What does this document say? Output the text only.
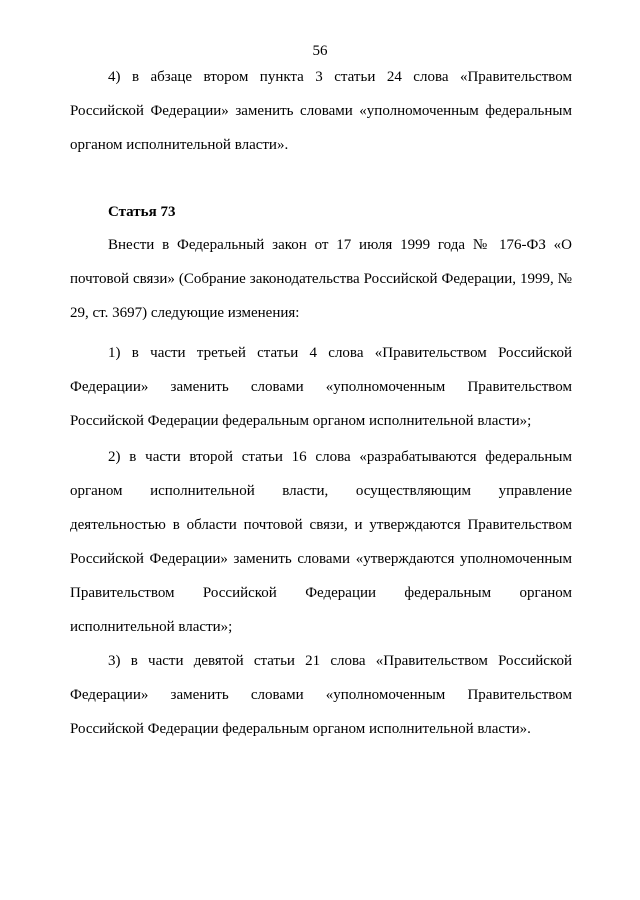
56

4) в абзаце втором пункта 3 статьи 24 слова «Правительством Российской Федерации» заменить словами «уполномоченным федеральным органом исполнительной власти».

Статья 73

Внести в Федеральный закон от 17 июля 1999 года № 176-ФЗ «О почтовой связи» (Собрание законодательства Российской Федерации, 1999, № 29, ст. 3697) следующие изменения:

1) в части третьей статьи 4 слова «Правительством Российской Федерации» заменить словами «уполномоченным Правительством Российской Федерации федеральным органом исполнительной власти»;

2) в части второй статьи 16 слова «разрабатываются федеральным органом исполнительной власти, осуществляющим управление деятельностью в области почтовой связи, и утверждаются Правительством Российской Федерации» заменить словами «утверждаются уполномоченным Правительством Российской Федерации федеральным органом исполнительной власти»;

3) в части девятой статьи 21 слова «Правительством Российской Федерации» заменить словами «уполномоченным Правительством Российской Федерации федеральным органом исполнительной власти».
